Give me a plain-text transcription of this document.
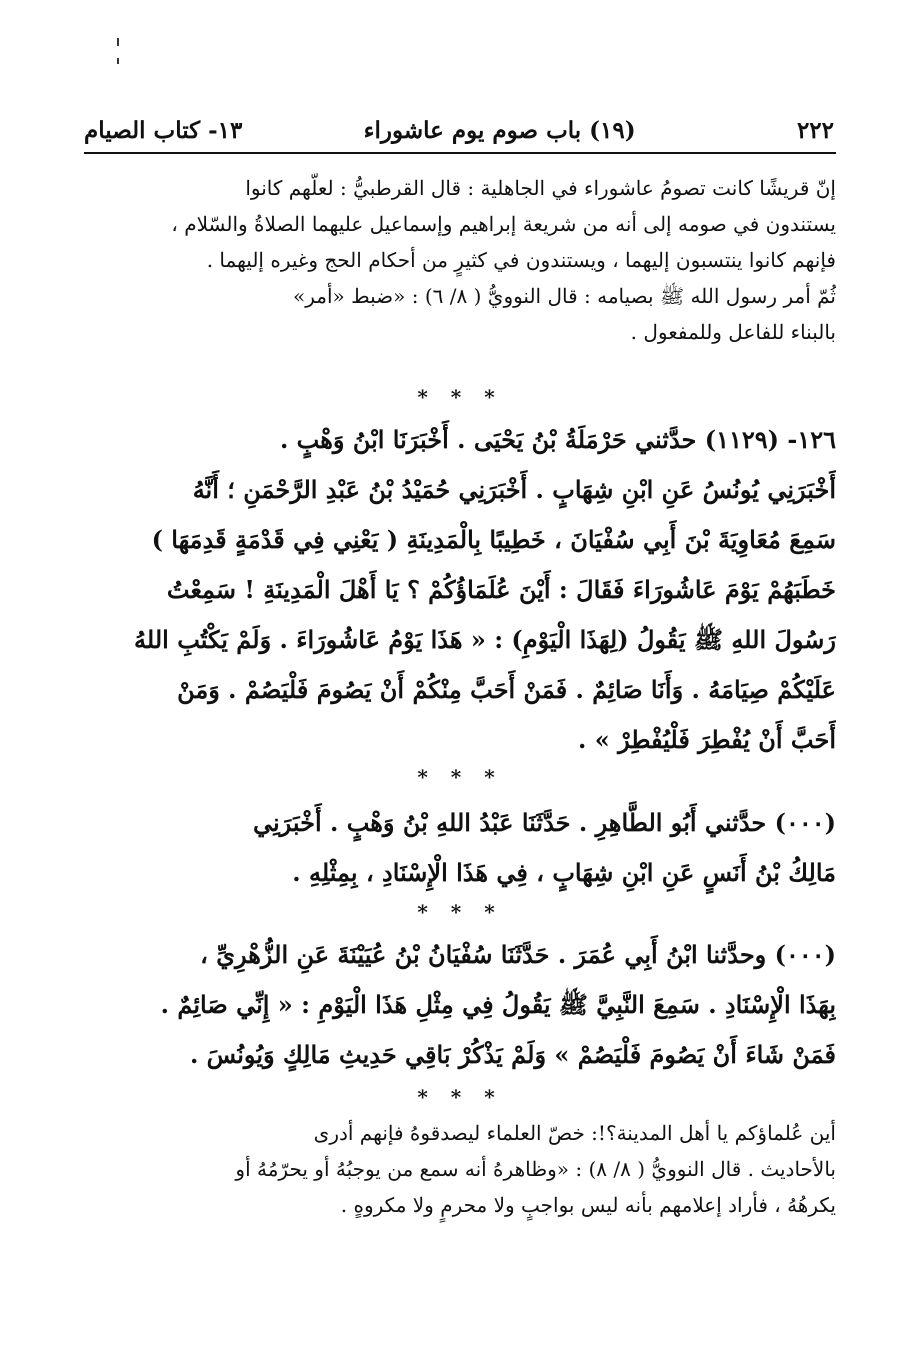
٢٢٢
(١٩) باب صوم يوم عاشوراء
١٣- كتاب الصيام
إنّ قريشًا كانت تصومُ عاشوراء في الجاهلية : قال القرطبيُّ : لعلّهم كانوا
يستندون في صومه إلى أنه من شريعة إبراهيم وإسماعيل عليهما الصلاةُ والسّلام ،
فإنهم كانوا ينتسبون إليهما ، ويستندون في كثيرٍ من أحكام الحج وغيره إليهما .
ثُمّ أمر رسول الله ﷺ بصيامه : قال النوويُّ ( ٨/ ٦) : «ضبط «أمر»
بالبناء للفاعل وللمفعول .
* * *
١٢٦- (١١٢٩) حدَّثني حَرْمَلَةُ بْنُ يَحْيَى . أَخْبَرَنَا ابْنُ وَهْبٍ .
أَخْبَرَنِي يُونُسُ عَنِ ابْنِ شِهَابٍ . أَخْبَرَنِي حُمَيْدُ بْنُ عَبْدِ الرَّحْمَنِ ؛ أَنَّهُ
سَمِعَ مُعَاوِيَةَ بْنَ أَبِي سُفْيَانَ ، خَطِيبًا بِالْمَدِينَةِ ( يَعْنِي فِي قَدْمَةٍ قَدِمَهَا )
خَطَبَهُمْ يَوْمَ عَاشُورَاءَ فَقَالَ : أَيْنَ عُلَمَاؤُكُمْ ؟ يَا أَهْلَ الْمَدِينَةِ ! سَمِعْتُ
رَسُولَ اللهِ ﷺ يَقُولُ (لِهَذَا الْيَوْمِ) : « هَذَا يَوْمُ عَاشُورَاءَ . وَلَمْ يَكْتُبِ اللهُ
عَلَيْكُمْ صِيَامَهُ . وَأَنَا صَائِمٌ . فَمَنْ أَحَبَّ مِنْكُمْ أَنْ يَصُومَ فَلْيَصُمْ . وَمَنْ
أَحَبَّ أَنْ يُفْطِرَ فَلْيُفْطِرْ » .
* * *
(٠٠٠) حدَّثني أَبُو الطَّاهِرِ . حَدَّثَنَا عَبْدُ اللهِ بْنُ وَهْبٍ . أَخْبَرَنِي
مَالِكُ بْنُ أَنَسٍ عَنِ ابْنِ شِهَابٍ ، فِي هَذَا الْإِسْنَادِ ، بِمِثْلِهِ .
* * *
(٠٠٠) وحدَّثنا ابْنُ أَبِي عُمَرَ . حَدَّثَنَا سُفْيَانُ بْنُ عُيَيْنَةَ عَنِ الزُّهْرِيِّ ،
بِهَذَا الْإِسْنَادِ . سَمِعَ النَّبِيَّ ﷺ يَقُولُ فِي مِثْلِ هَذَا الْيَوْمِ : « إِنِّي صَائِمٌ .
فَمَنْ شَاءَ أَنْ يَصُومَ فَلْيَصُمْ » وَلَمْ يَذْكُرْ بَاقِي حَدِيثِ مَالِكٍ وَيُونُسَ .
* * *
أين عُلماؤكم يا أهل المدينة؟!: خصّ العلماء ليصدقوهُ فإنهم أدرى
بالأحاديث . قال النوويُّ ( ٨/ ٨) : «وظاهرهُ أنه سمع من يوجبُهُ أو يحرّمُهُ أو
يكرهُهُ ، فأراد إعلامهم بأنه ليس بواجبٍ ولا محرمٍ ولا مكروهٍ .
